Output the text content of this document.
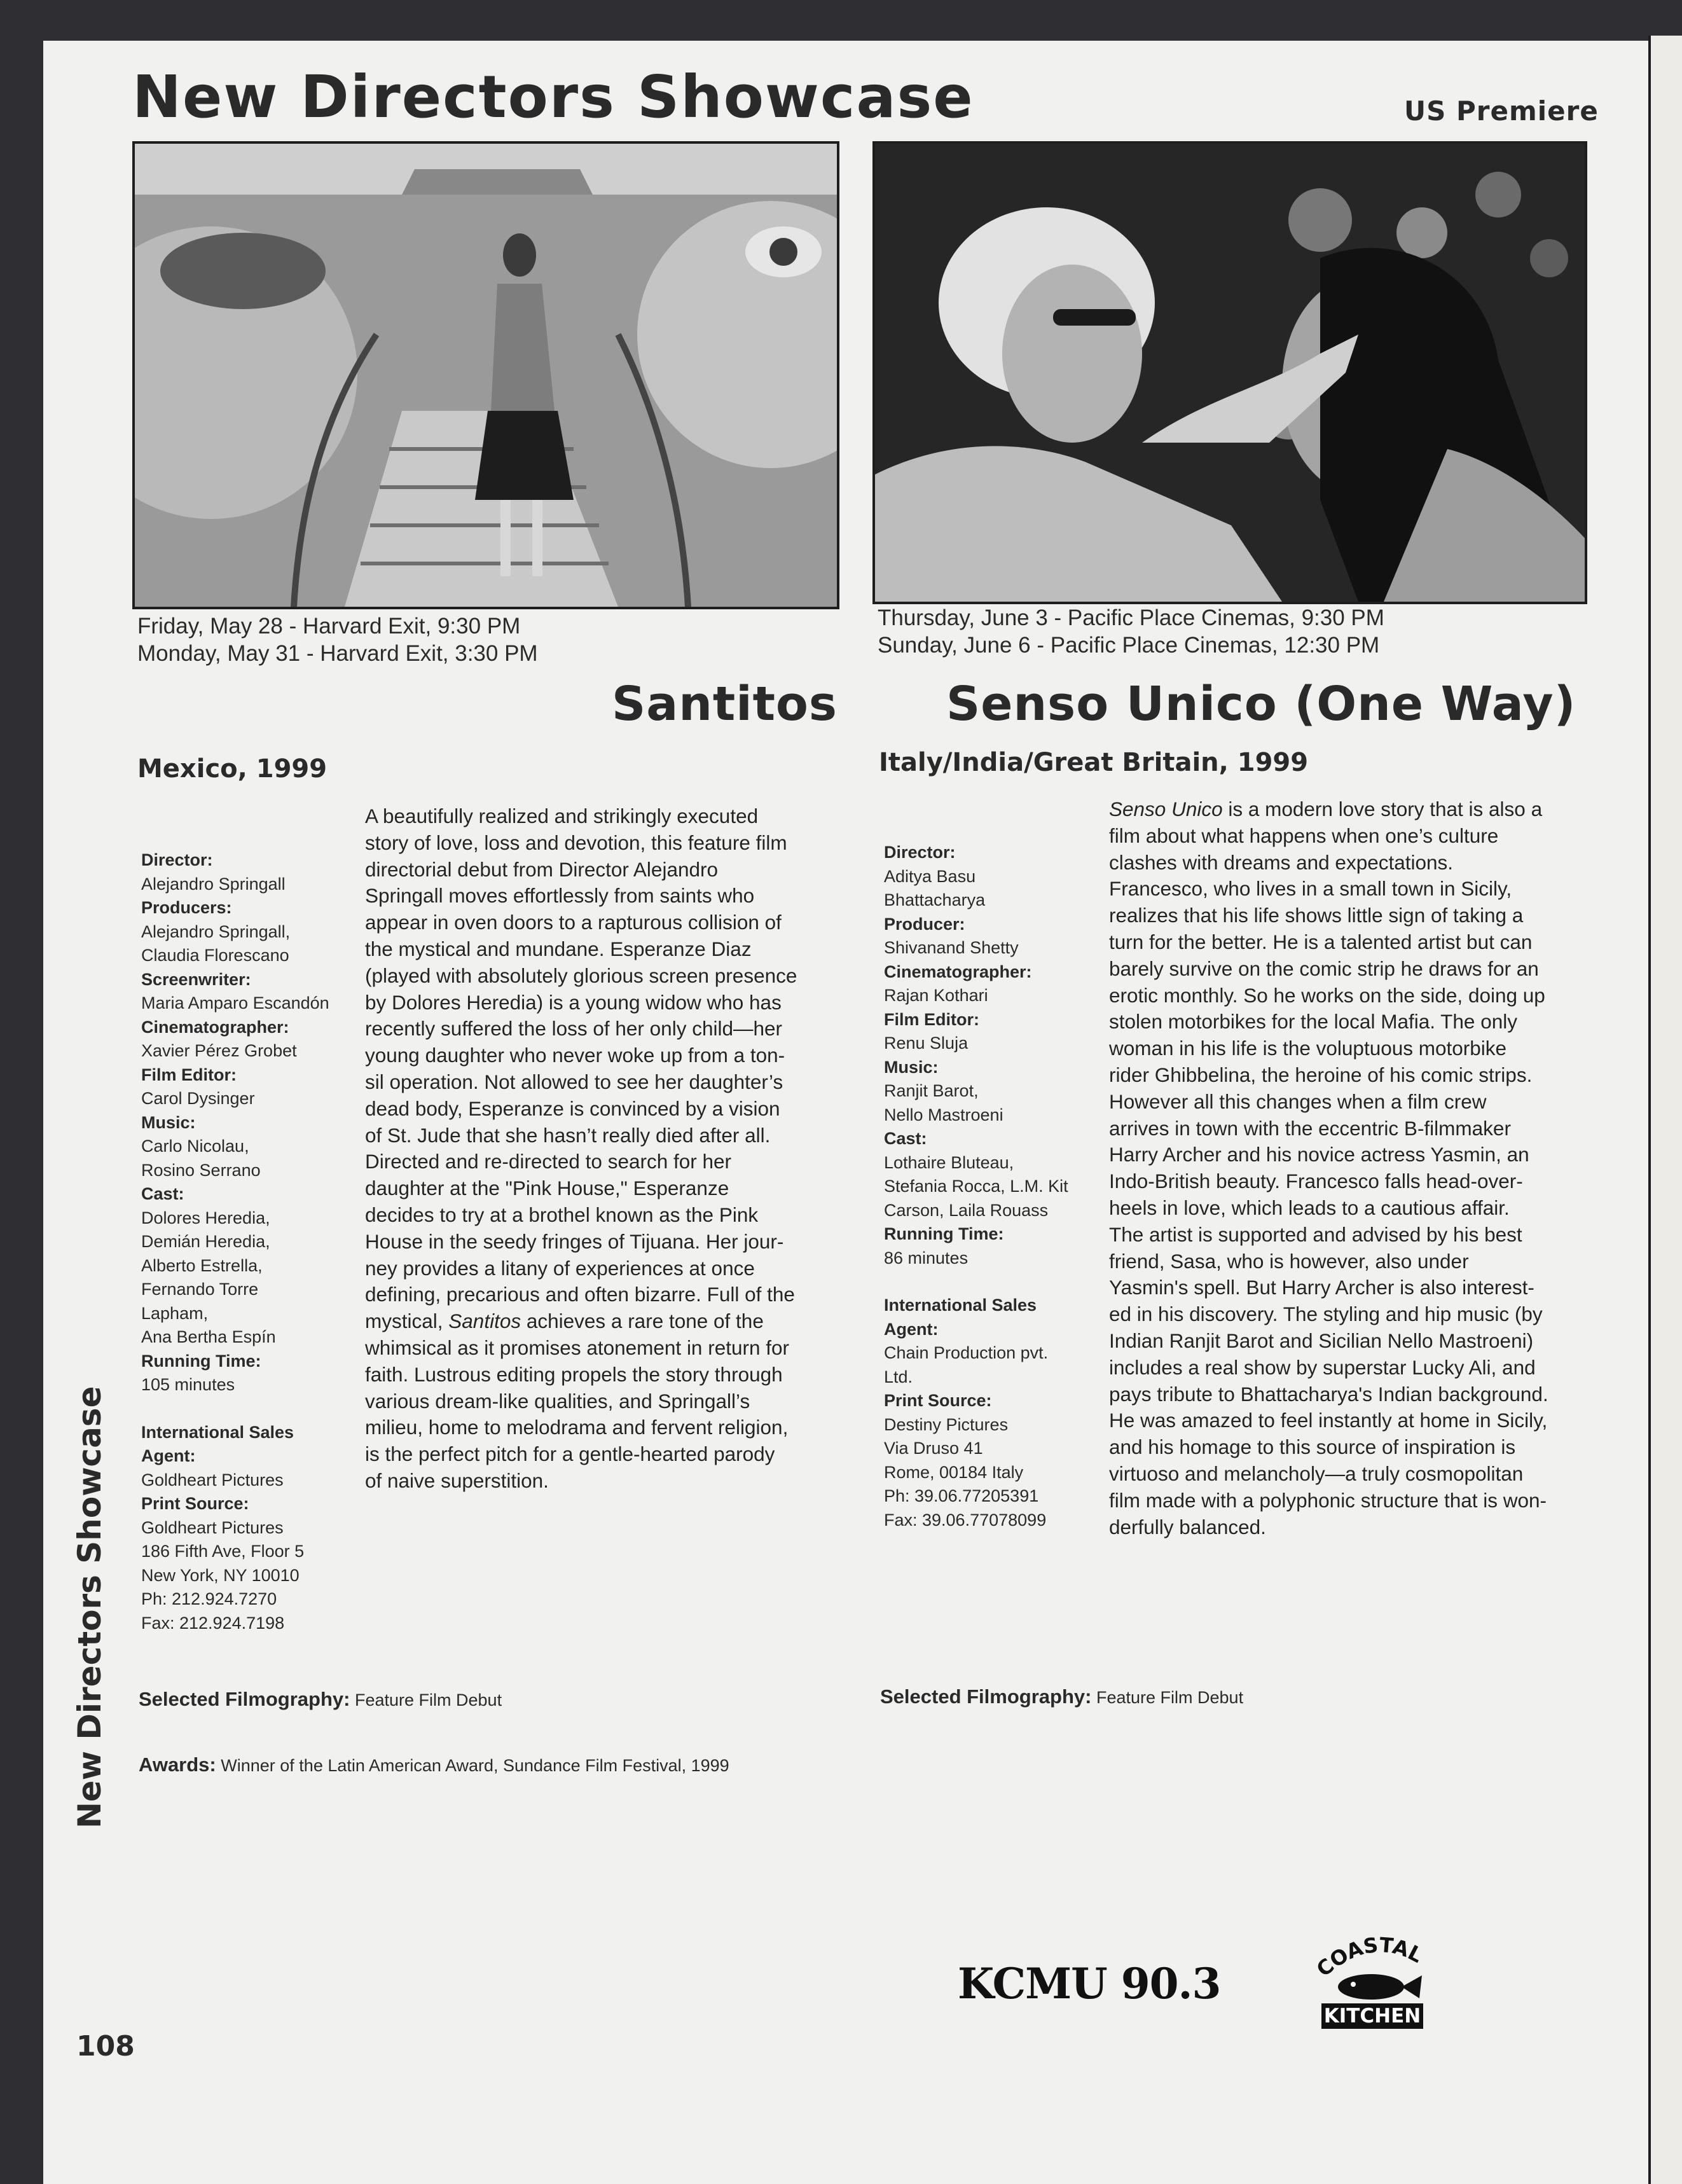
New Directors Showcase	US Premiere
Friday, May 28 - Harvard Exit, 9:30 PM
Monday, May 31 - Harvard Exit, 3:30 PM
Thursday, June 3 - Pacific Place Cinemas, 9:30 PM
Sunday, June 6 - Pacific Place Cinemas, 12:30 PM
Santitos Senso Unico (One Way)
Mexico, 1999	Italy/India/Great Britain, 1999
Director:
Alejandro Springall
Producers:
Alejandro Springall,
Claudia Florescano
Screenwriter:
Maria Amparo Escandón
Cinematographer:
Xavier Pérez Grobet
Film Editor:
Carol Dysinger
Music:
Carlo Nicolau,
Rosino Serrano
Cast:
Dolores Heredia,
Demián Heredia,
Alberto Estrella,
Fernando Torre
Lapham,
Ana Bertha Espín
Running Time:
105 minutes
International Sales
Agent:
Goldheart Pictures
Print Source:
Goldheart Pictures
186 Fifth Ave, Floor 5
New York, NY 10010
Ph: 212.924.7270
Fax: 212.924.7198
A beautifully realized and strikingly executed
story of love, loss and devotion, this feature film
directorial debut from Director Alejandro
Springall moves effortlessly from saints who
appear in oven doors to a rapturous collision of
the mystical and mundane. Esperanze Diaz
(played with absolutely glorious screen presence
by Dolores Heredia) is a young widow who has
recently suffered the loss of her only child—her
young daughter who never woke up from a ton-
sil operation. Not allowed to see her daughter’s
dead body, Esperanze is convinced by a vision
of St. Jude that she hasn’t really died after all.
Directed and re-directed to search for her
daughter at the "Pink House," Esperanze
decides to try at a brothel known as the Pink
House in the seedy fringes of Tijuana. Her jour-
ney provides a litany of experiences at once
defining, precarious and often bizarre. Full of the
mystical, Santitos achieves a rare tone of the
whimsical as it promises atonement in return for
faith. Lustrous editing propels the story through
various dream-like qualities, and Springall’s
milieu, home to melodrama and fervent religion,
is the perfect pitch for a gentle-hearted parody
of naive superstition.
Director:
Aditya Basu
Bhattacharya
Producer:
Shivanand Shetty
Cinematographer:
Rajan Kothari
Film Editor:
Renu Sluja
Music:
Ranjit Barot,
Nello Mastroeni
Cast:
Lothaire Bluteau,
Stefania Rocca, L.M. Kit
Carson, Laila Rouass
Running Time:
86 minutes
International Sales
Agent:
Chain Production pvt.
Ltd.
Print Source:
Destiny Pictures
Via Druso 41
Rome, 00184 Italy
Ph: 39.06.77205391
Fax: 39.06.77078099
Senso Unico is a modern love story that is also a
film about what happens when one’s culture
clashes with dreams and expectations.
Francesco, who lives in a small town in Sicily,
realizes that his life shows little sign of taking a
turn for the better. He is a talented artist but can
barely survive on the comic strip he draws for an
erotic monthly. So he works on the side, doing up
stolen motorbikes for the local Mafia. The only
woman in his life is the voluptuous motorbike
rider Ghibbelina, the heroine of his comic strips.
However all this changes when a film crew
arrives in town with the eccentric B-filmmaker
Harry Archer and his novice actress Yasmin, an
Indo-British beauty. Francesco falls head-over-
heels in love, which leads to a cautious affair.
The artist is supported and advised by his best
friend, Sasa, who is however, also under
Yasmin's spell. But Harry Archer is also interest-
ed in his discovery. The styling and hip music (by
Indian Ranjit Barot and Sicilian Nello Mastroeni)
includes a real show by superstar Lucky Ali, and
pays tribute to Bhattacharya's Indian background.
He was amazed to feel instantly at home in Sicily,
and his homage to this source of inspiration is
virtuoso and melancholy—a truly cosmopolitan
film made with a polyphonic structure that is won-
derfully balanced.
Selected Filmography: Feature Film Debut
Awards: Winner of the Latin American Award, Sundance Film Festival, 1999
Selected Filmography: Feature Film Debut
New Directors Showcase
108
KCMU 90.3
OASTAL
KITCHEN
